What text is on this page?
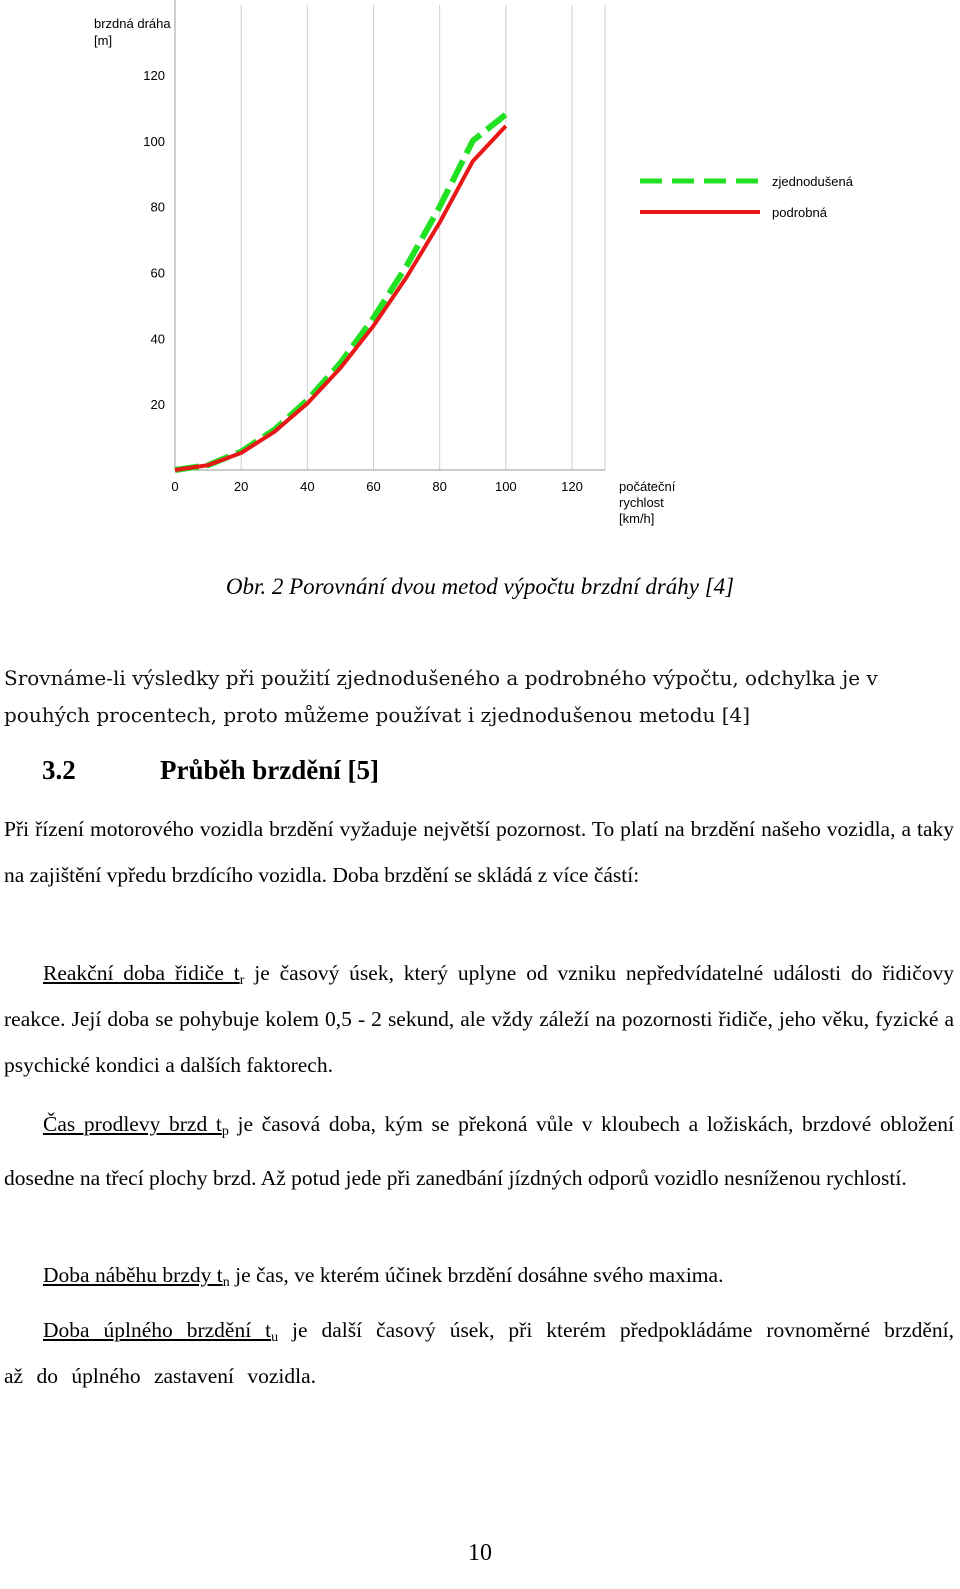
brzdná dráha
[m]
počáteční
rychlost
[km/h]
0	20	40	60	80	100	120
20
40
60
80
100
120
zjednodušená
podrobná
Obr. 2 Porovnání dvou metod výpočtu brzdní dráhy [4]

Srovnáme-li výsledky při použití zjednodušeného a podrobného výpočtu, odchylka je v pouhých procentech, proto můžeme používat i zjednodušenou metodu [4]

3.2	Průběh brzdění [5]

Při řízení motorového vozidla brzdění vyžaduje největší pozornost. To platí na brzdění našeho vozidla, a taky na zajištění vpředu brzdícího vozidla. Doba brzdění se skládá z více částí:

Reakční doba řidiče $t_r$ je časový úsek, který uplyne od vzniku nepředvídatelné události do řidičovy reakce. Její doba se pohybuje kolem 0,5 - 2 sekund, ale vždy záleží na pozornosti řidiče, jeho věku, fyzické a psychické kondici a dalších faktorech.

Čas prodlevy brzd $t_p$ je časová doba, kým se překoná vůle v kloubech a ložiskách, brzdové obložení dosedne na třecí plochy brzd. Až potud jede při zanedbání jízdných odporů vozidlo nesníženou rychlostí.

Doba náběhu brzdy $t_n$ je čas, ve kterém účinek brzdění dosáhne svého maxima.

Doba úplného brzdění $t_u$ je další časový úsek, při kterém předpokládáme rovnoměrné brzdění, až do úplného zastavení vozidla.

10
